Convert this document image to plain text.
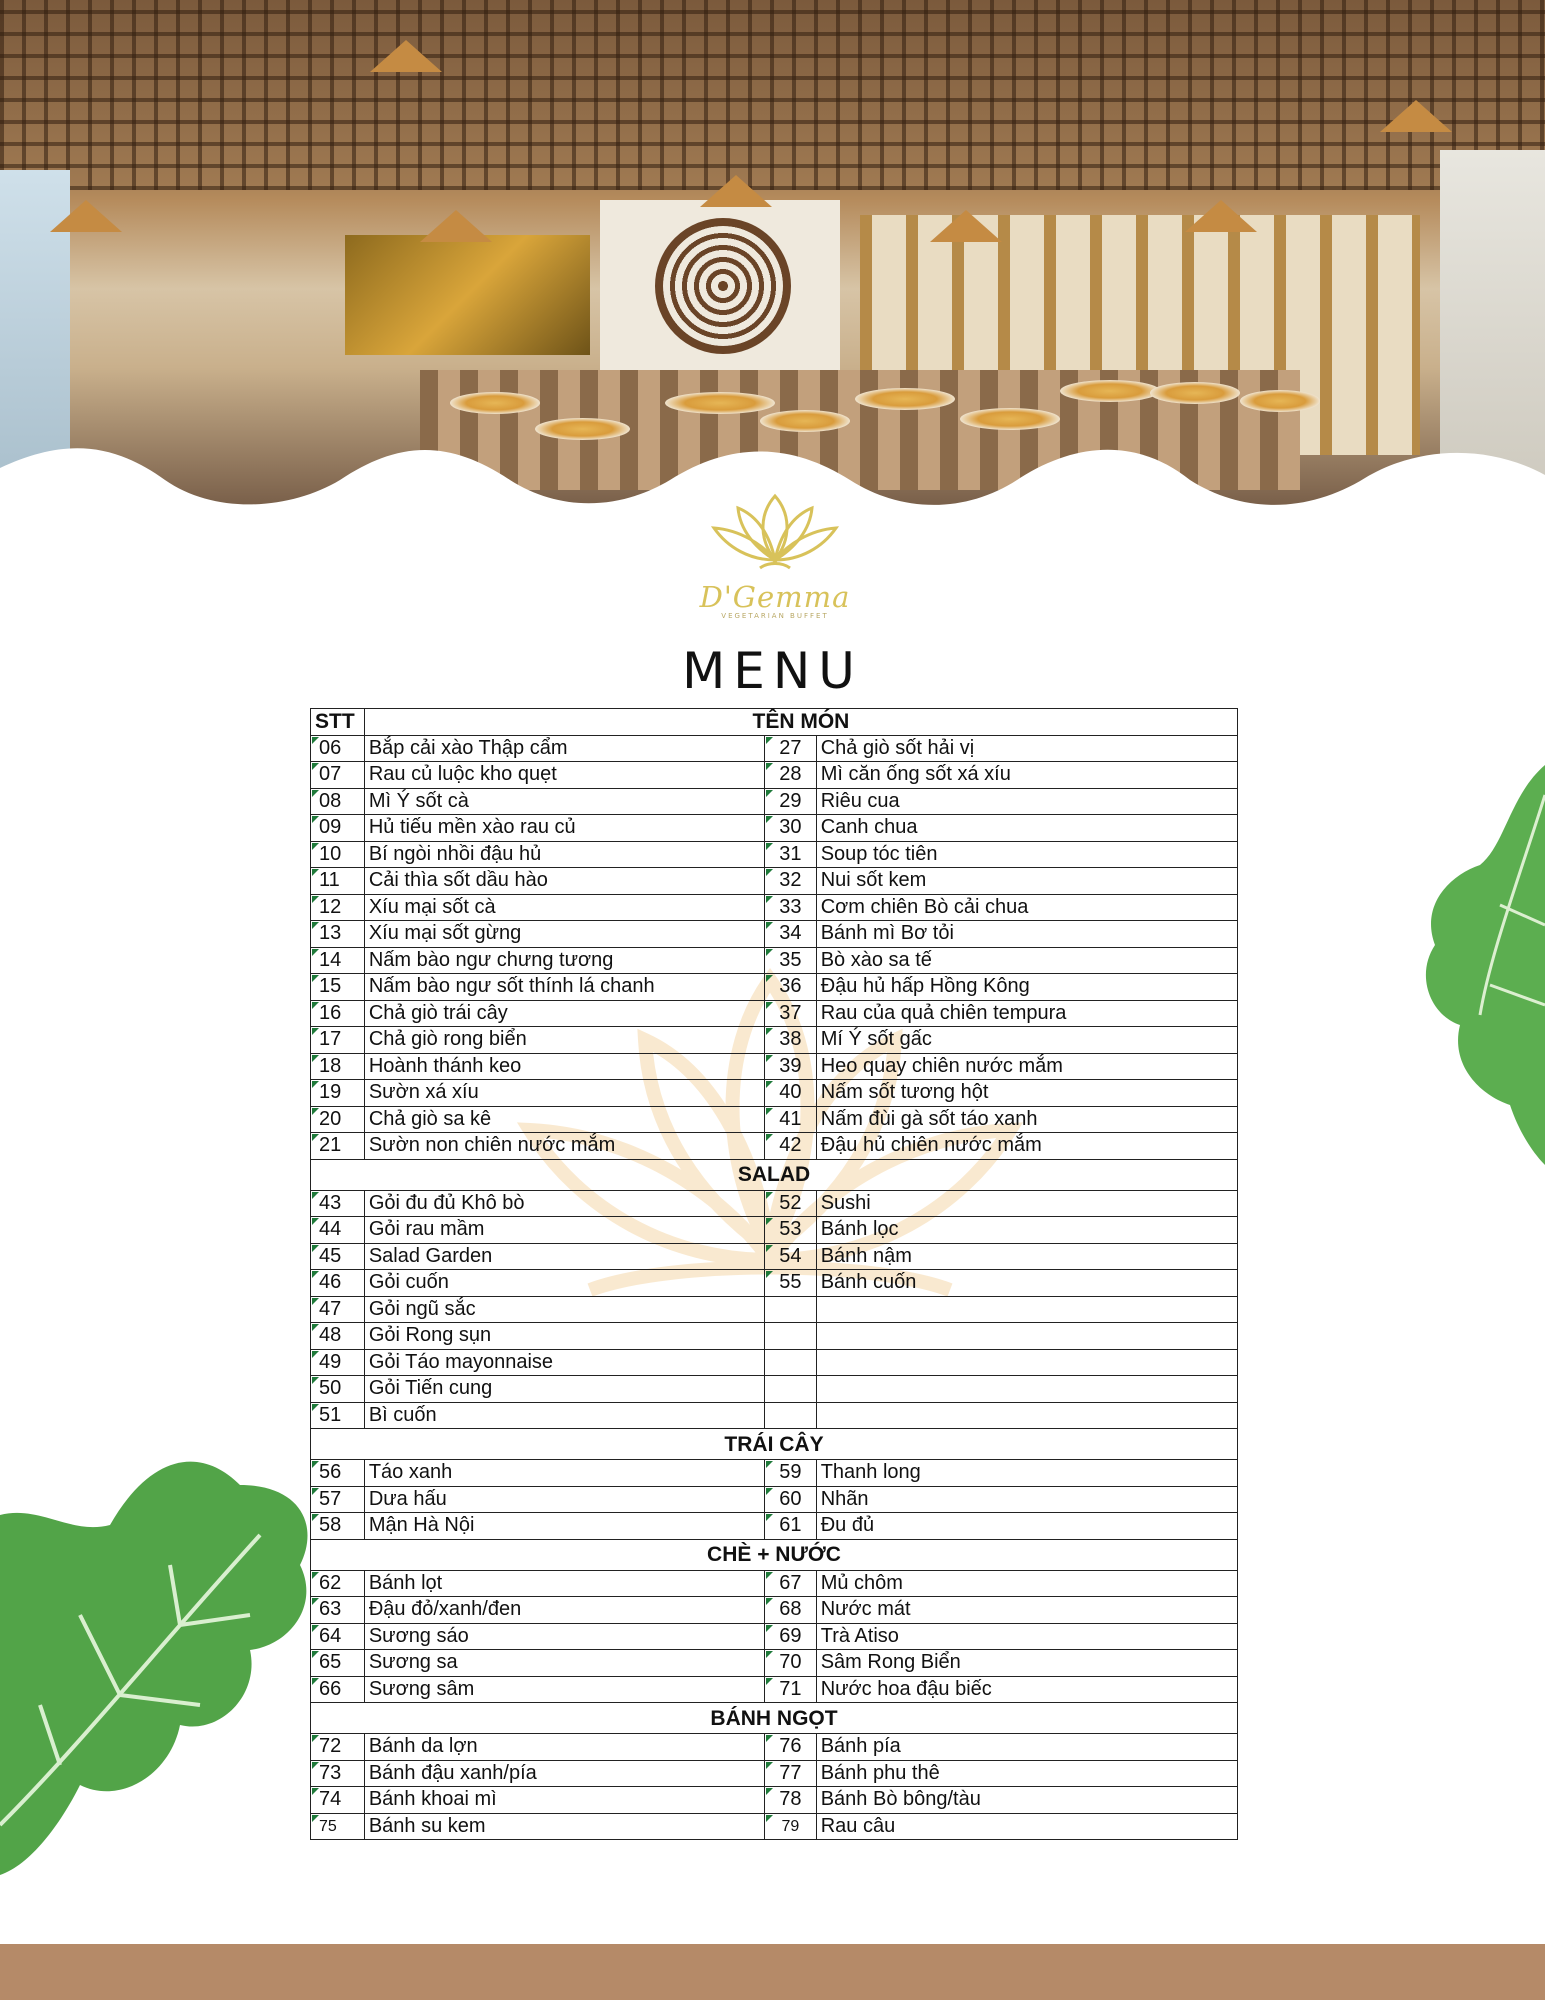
D'Gemma
VEGETARIAN BUFFET
MENU
STT	TÊN MÓN		
06	Bắp cải xào Thập cẩm	27	Chả giò sốt hải vị
07	Rau củ luộc kho quẹt	28	Mì căn ống sốt xá xíu
08	Mì Ý sốt cà	29	Riêu cua
09	Hủ tiếu mền xào rau củ	30	Canh chua
10	Bí ngòi nhồi đậu hủ	31	Soup tóc tiên
11	Cải thìa sốt dầu hào	32	Nui sốt kem
12	Xíu mại sốt cà	33	Cơm chiên Bò cải chua
13	Xíu mại sốt gừng	34	Bánh mì Bơ tỏi
14	Nấm bào ngư chưng tương	35	Bò xào sa tế
15	Nấm bào ngư sốt thính lá chanh	36	Đậu hủ hấp Hồng Kông
16	Chả giò trái cây	37	Rau của quả chiên tempura
17	Chả giò rong biển	38	Mí Ý sốt gấc
18	Hoành thánh keo	39	Heo quay chiên nước mắm
19	Sườn xá xíu	40	Nấm sốt tương hột
20	Chả giò sa kê	41	Nấm đùi gà sốt táo xanh
21	Sườn non chiên nước mắm	42	Đậu hủ chiên nước mắm
SALAD			
43	Gỏi đu đủ Khô bò	52	Sushi
44	Gỏi rau mầm	53	Bánh lọc
45	Salad Garden	54	Bánh nậm
46	Gỏi cuốn	55	Bánh cuốn
47	Gỏi ngũ sắc		
48	Gỏi Rong sụn		
49	Gỏi Táo mayonnaise		
50	Gỏi Tiến cung		
51	Bì cuốn		
TRÁI CÂY			
56	Táo xanh	59	Thanh long
57	Dưa hấu	60	Nhãn
58	Mận Hà Nội	61	Đu đủ
CHÈ + NƯỚC			
62	Bánh lọt	67	Mủ chôm
63	Đậu đỏ/xanh/đen	68	Nước mát
64	Sương sáo	69	Trà Atiso
65	Sương sa	70	Sâm Rong Biển
66	Sương sâm	71	Nước hoa đậu biếc
BÁNH NGỌT			
72	Bánh da lợn	76	Bánh pía
73	Bánh đậu xanh/pía	77	Bánh phu thê
74	Bánh khoai mì	78	Bánh Bò bông/tàu
75	Bánh su kem	79	Rau câu
